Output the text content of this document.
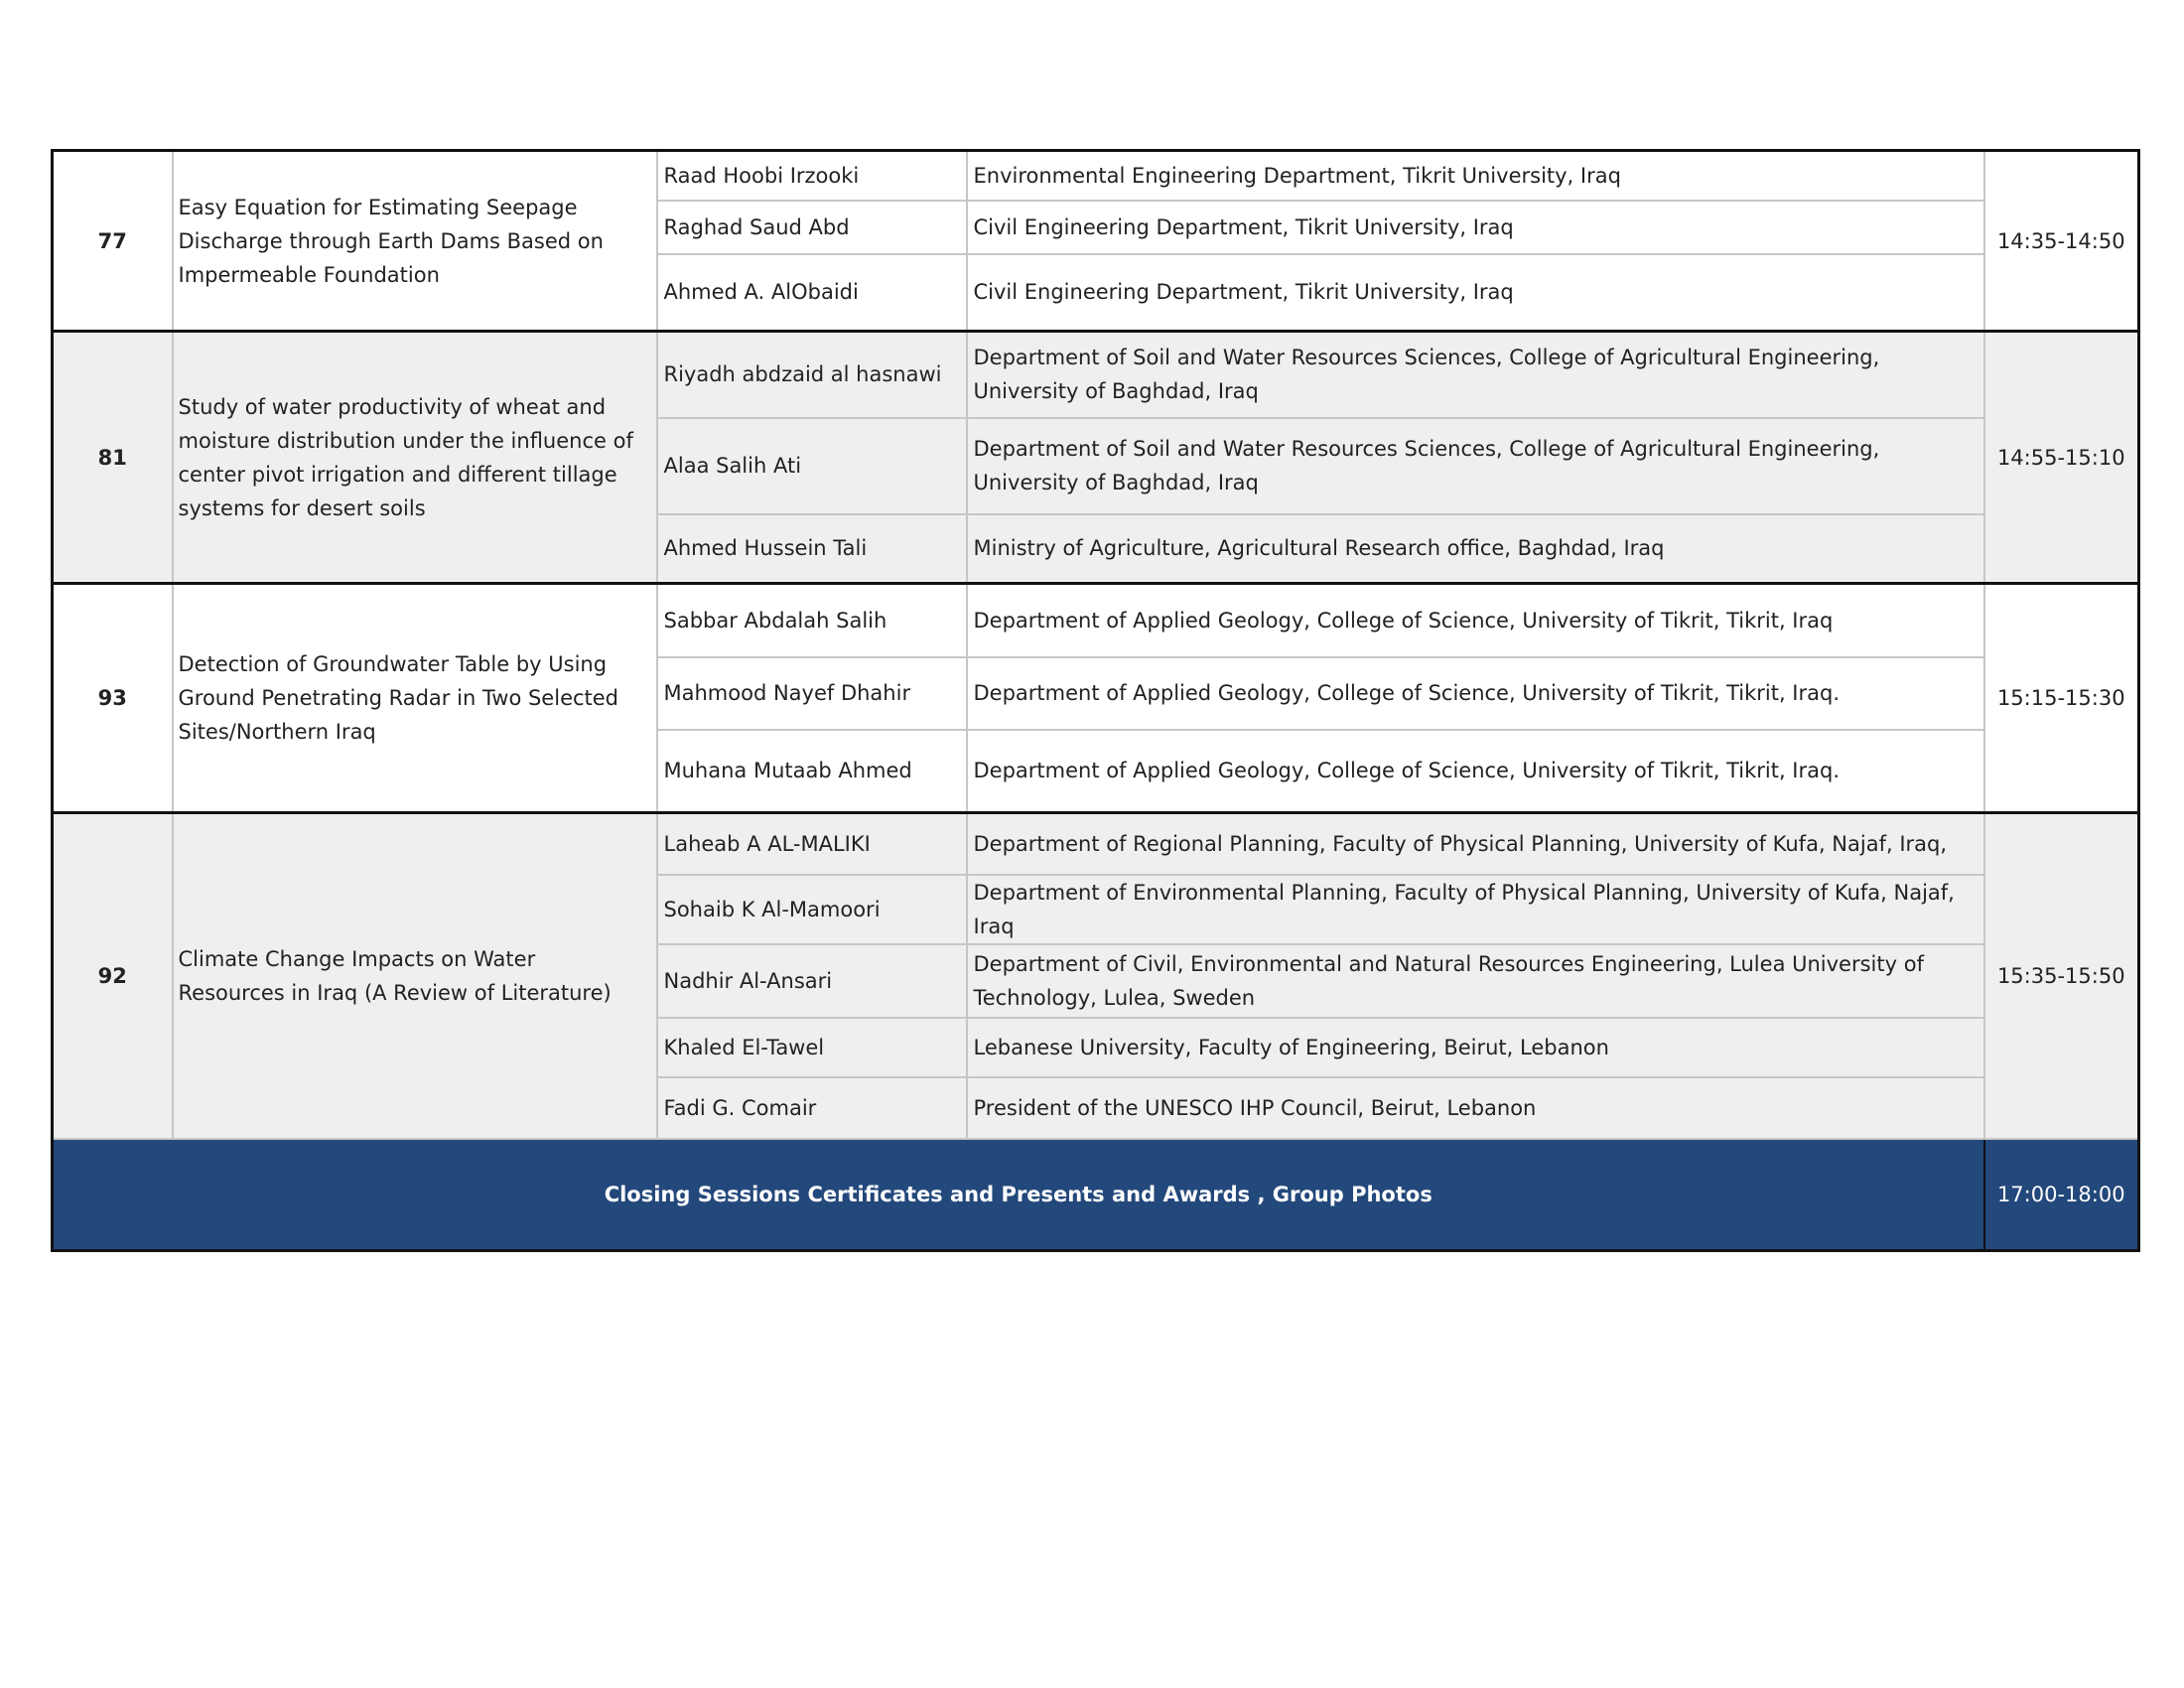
77	Easy Equation for Estimating Seepage Discharge through Earth Dams Based on Impermeable Foundation	Raad Hoobi Irzooki	Environmental Engineering Department, Tikrit University, Iraq	14:35-14:50
		Raghad Saud Abd	Civil Engineering Department, Tikrit University, Iraq	
		Ahmed A. AlObaidi	Civil Engineering Department, Tikrit University, Iraq	
81	Study of water productivity of wheat and moisture distribution under the influence of center pivot irrigation and different tillage systems for desert soils	Riyadh abdzaid al hasnawi	Department of Soil and Water Resources Sciences, College of Agricultural Engineering, University of Baghdad, Iraq	14:55-15:10
		Alaa Salih Ati	Department of Soil and Water Resources Sciences, College of Agricultural Engineering, University of Baghdad, Iraq	
		Ahmed Hussein Tali	Ministry of Agriculture, Agricultural Research office, Baghdad, Iraq	
93	Detection of Groundwater Table by Using Ground Penetrating Radar in Two Selected Sites/Northern Iraq	Sabbar Abdalah Salih	Department of Applied Geology, College of Science, University of Tikrit, Tikrit, Iraq	15:15-15:30
		Mahmood Nayef Dhahir	Department of Applied Geology, College of Science, University of Tikrit, Tikrit, Iraq.	
		Muhana Mutaab Ahmed	Department of Applied Geology, College of Science, University of Tikrit, Tikrit, Iraq.	
92	Climate Change Impacts on Water Resources in Iraq (A Review of Literature)	Laheab A AL-MALIKI	Department of Regional Planning, Faculty of Physical Planning, University of Kufa, Najaf, Iraq,	15:35-15:50
		Sohaib K Al-Mamoori	Department of Environmental Planning, Faculty of Physical Planning, University of Kufa, Najaf, Iraq	
		Nadhir Al-Ansari	Department of Civil, Environmental and Natural Resources Engineering, Lulea University of Technology, Lulea, Sweden	
		Khaled El-Tawel	Lebanese University, Faculty of Engineering, Beirut, Lebanon	
		Fadi G. Comair	President of the UNESCO IHP Council, Beirut, Lebanon	
Closing Sessions Certificates and Presents and Awards , Group Photos				17:00-18:00
